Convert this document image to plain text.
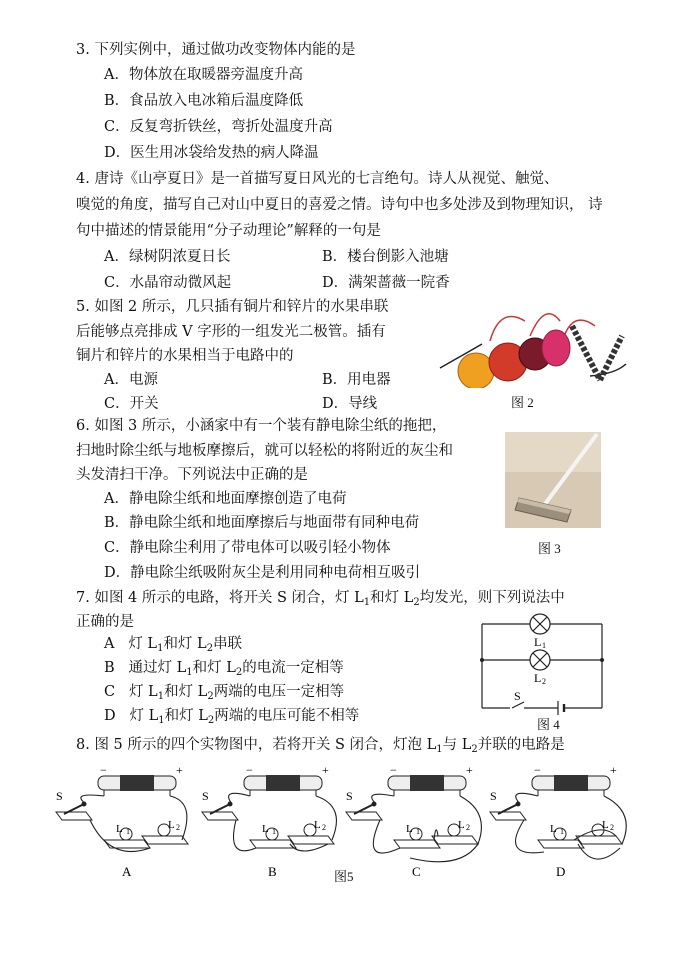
3. 下列实例中，通过做功改变物体内能的是
A．物体放在取暖器旁温度升高
B．食品放入电冰箱后温度降低
C．反复弯折铁丝，弯折处温度升高
D．医生用冰袋给发热的病人降温
4. 唐诗《山亭夏日》是一首描写夏日风光的七言绝句。诗人从视觉、触觉、
嗅觉的角度，描写自己对山中夏日的喜爱之情。诗句中也多处涉及到物理知识， 诗
句中描述的情景能用“分子动理论”解释的一句是
A．绿树阴浓夏日长	B．楼台倒影入池塘
C．水晶帘动微风起	D．满架蔷薇一院香
5. 如图 2 所示，几只插有铜片和锌片的水果串联
后能够点亮排成 V 字形的一组发光二极管。插有
铜片和锌片的水果相当于电路中的
A．电源	B．用电器
C．开关	D．导线	图 2
6. 如图 3 所示，小涵家中有一个装有静电除尘纸的拖把，
扫地时除尘纸与地板摩擦后，就可以轻松的将附近的灰尘和
头发清扫干净。下列说法中正确的是
A．静电除尘纸和地面摩擦创造了电荷
B．静电除尘纸和地面摩擦后与地面带有同种电荷
C．静电除尘利用了带电体可以吸引轻小物体
D．静电除尘纸吸附灰尘是利用同种电荷相互吸引
图 3
7. 如图 4 所示的电路，将开关 S 闭合，灯 $L_1$和灯 $L_2$均发光，则下列说法中
正确的是
A 灯 $L_1$和灯 $L_2$串联
B 通过灯 $L_1$和灯 $L_2$的电流一定相等
C 灯 $L_1$和灯 $L_2$两端的电压一定相等
D 灯 $L_1$和灯 $L_2$两端的电压可能不相等
L 1
L 2
S
图 4
8. 图 5 所示的四个实物图中，若将开关 S 闭合，灯泡 $L_1$与 $L_2$并联的电路是
S
L 1
L 2
−	+
A
S
L 1
L 2
−	+
B
S
L 1
L 2
−	+
C
S
L 1
L 2
−	+
D
图5
